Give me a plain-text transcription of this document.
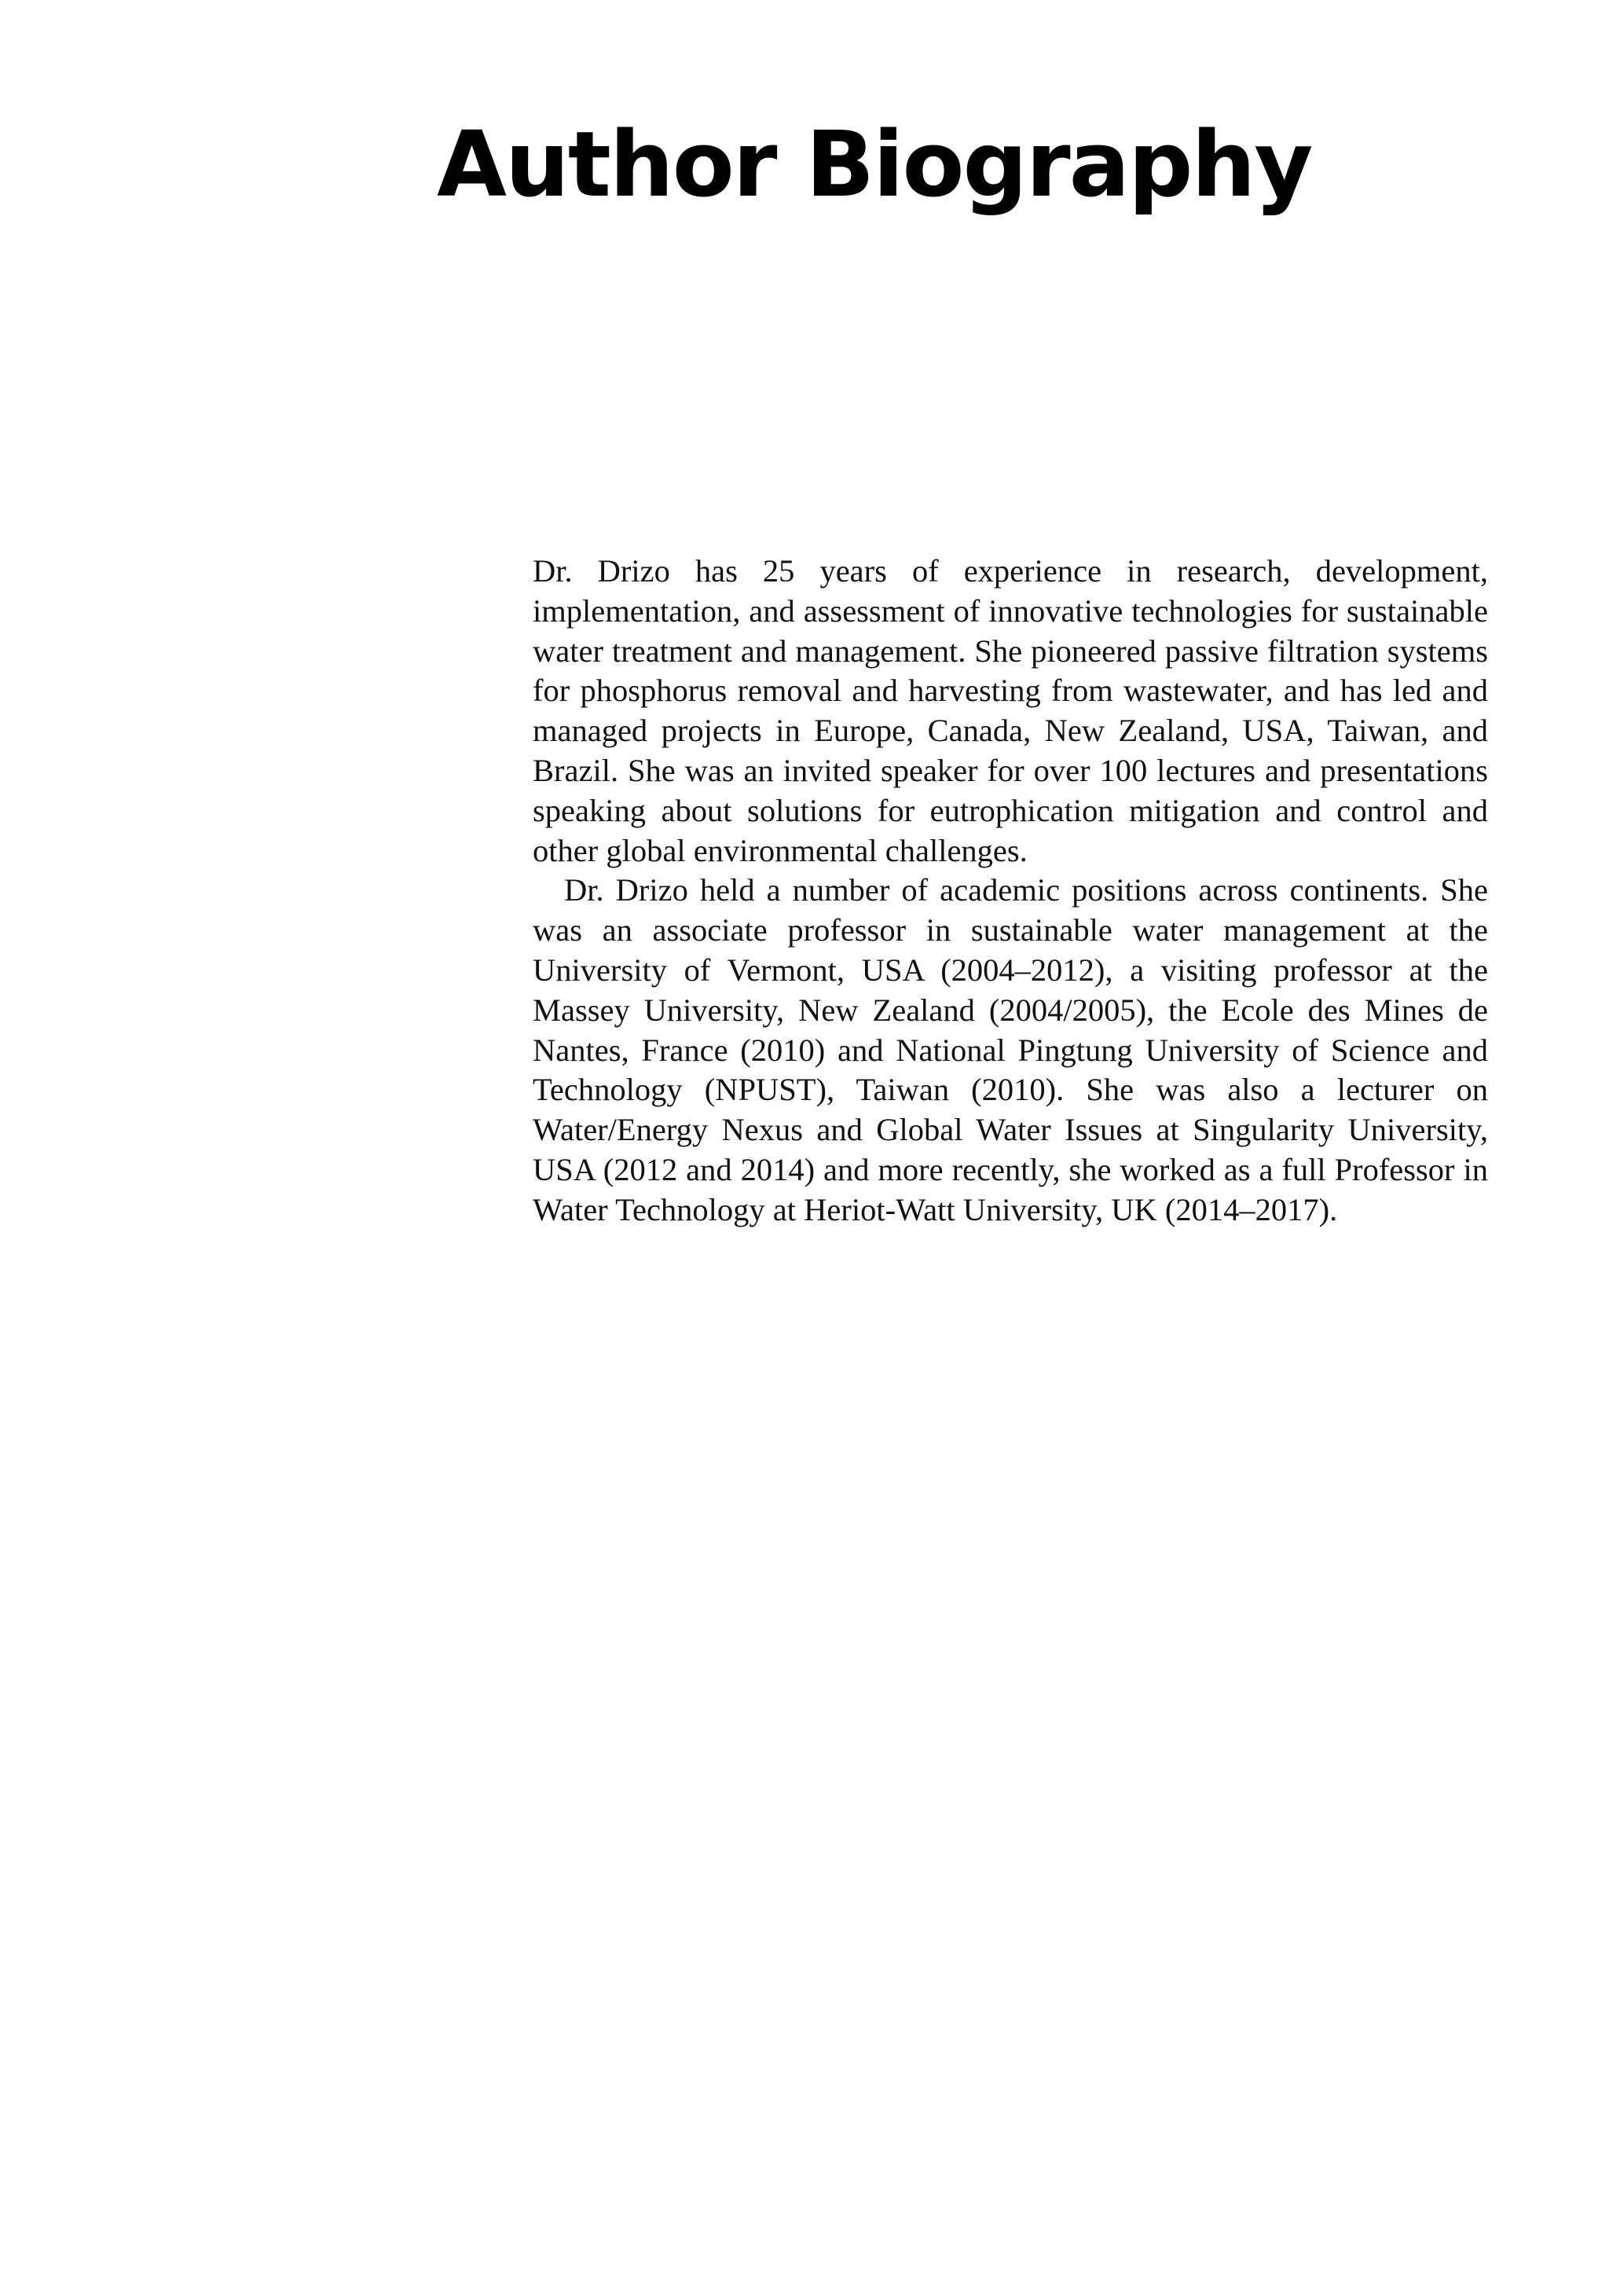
Author Biography

Dr. Drizo has 25 years of experience in research, development, implementation, and assessment of innovative technologies for sustainable water treatment and management. She pioneered passive filtration systems for phosphorus removal and harvesting from wastewater, and has led and managed projects in Europe, Canada, New Zealand, USA, Taiwan, and Brazil. She was an invited speaker for over 100 lectures and presentations speaking about solutions for eutrophication mitigation and control and other global environmental challenges.

Dr. Drizo held a number of academic positions across continents. She was an associate professor in sustainable water management at the University of Vermont, USA (2004–2012), a visiting professor at the Massey University, New Zealand (2004/2005), the Ecole des Mines de Nantes, France (2010) and National Pingtung University of Science and Technology (NPUST), Taiwan (2010). She was also a lecturer on Water/Energy Nexus and Global Water Issues at Singularity University, USA (2012 and 2014) and more recently, she worked as a full Professor in Water Technology at Heriot-Watt University, UK (2014–2017).
